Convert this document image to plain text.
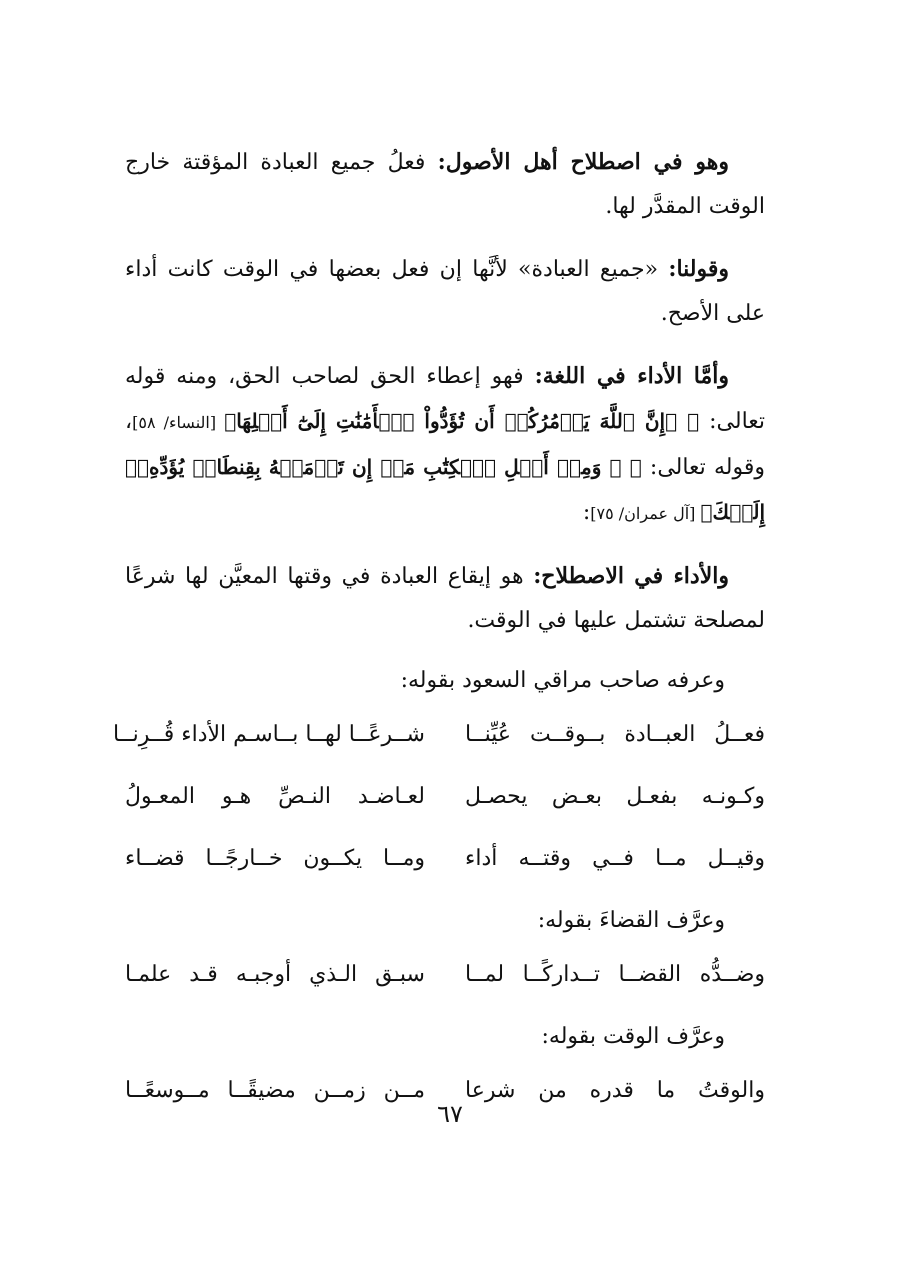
وهو في اصطلاح أهل الأصول: فعلُ جميع العبادة المؤقتة خارج الوقت المقدَّر لها.

وقولنا: «جميع العبادة» لأنَّها إن فعل بعضها في الوقت كانت أداء على الأصح.

وأمَّا الأداء في اللغة: فهو إعطاء الحق لصاحب الحق، ومنه قوله تعالى: ﴿ ۞إِنَّ ٱللَّهَ يَأۡمُرُكُمۡ أَن تُؤَدُّواْ ٱلۡأَمَٰنَٰتِ إِلَىٰٓ أَهۡلِهَا﴾ [النساء/ ٥٨]، وقوله تعالى: ﴿ ۞ وَمِنۡ أَهۡلِ ٱلۡكِتَٰبِ مَنۡ إِن تَأۡمَنۡهُ بِقِنطَارٖ يُؤَدِّهِۦٓ إِلَيۡكَ﴾ [آل عمران/ ٧٥]:

والأداء في الاصطلاح: هو إيقاع العبادة في وقتها المعيَّن لها شرعًا لمصلحة تشتمل عليها في الوقت.

وعرفه صاحب مراقي السعود بقوله:
فعــلُ العبــادة بــوقــت عُيِّنــا
شــرعًــا لهــا بــاسـم الأداء قُــرِنــا
وكـونـه بفعـل بعـض يحصـل
لعـاضـد النـصِّ هـو المعـولُ
وقيــل مــا فــي وقتــه أداء
ومــا يكــون خــارجًــا قضــاء
وعرَّف القضاءَ بقوله:
وضــدُّه القضــا تــداركًــا لمــا
سبـق الـذي أوجبـه قـد علمـا
وعرَّف الوقت بقوله:
والوقتُ ما قدره من شرعا
مــن زمــن مضيقًــا مــوسعًــا
٦٧
